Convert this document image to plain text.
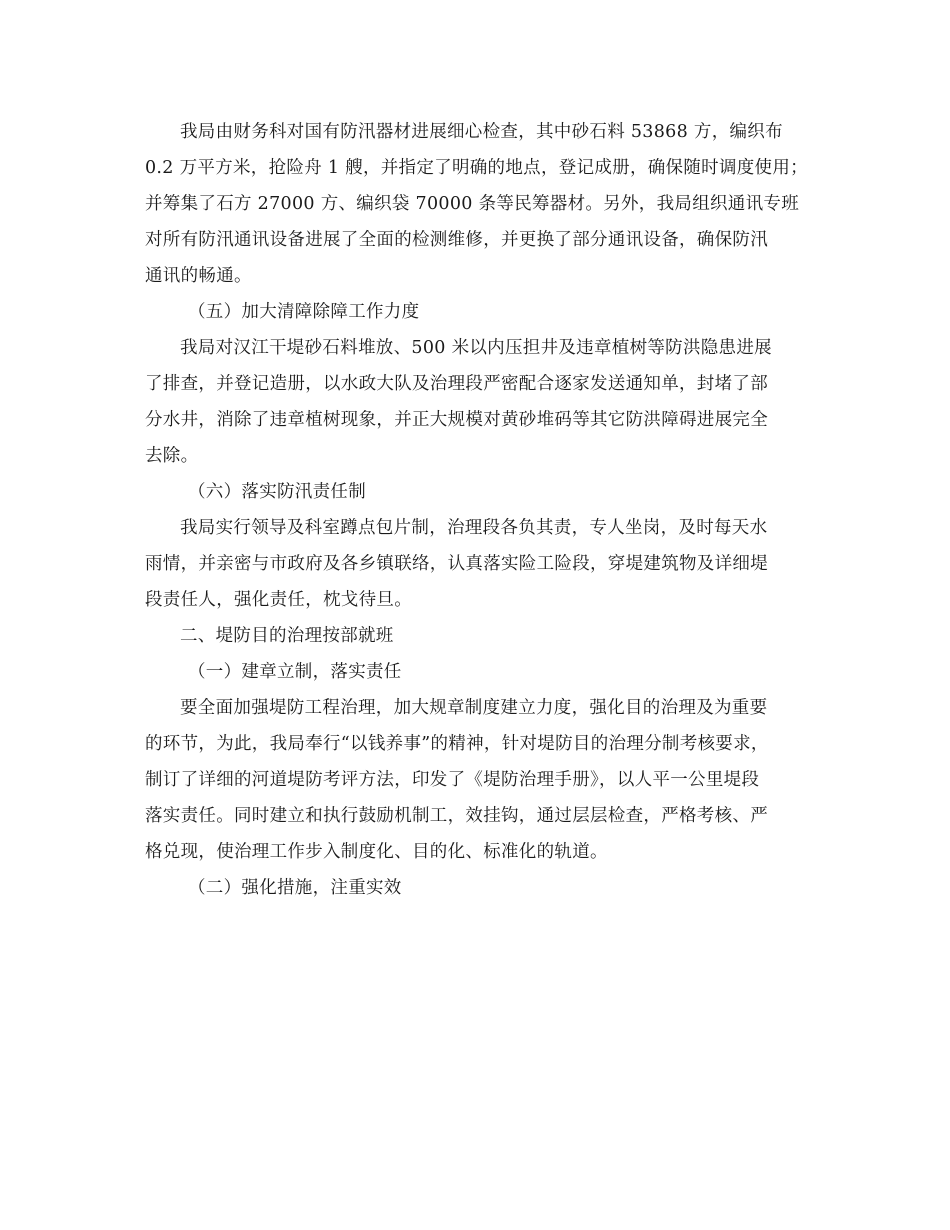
我局由财务科对国有防汛器材进展细心检查，其中砂石料 53868 方，编织布
0.2 万平方米，抢险舟 1 艘，并指定了明确的地点，登记成册，确保随时调度使用；
并筹集了石方 27000 方、编织袋 70000 条等民筹器材。另外，我局组织通讯专班
对所有防汛通讯设备进展了全面的检测维修，并更换了部分通讯设备，确保防汛
通讯的畅通。
（五）加大清障除障工作力度
我局对汉江干堤砂石料堆放、500 米以内压担井及违章植树等防洪隐患进展
了排查，并登记造册，以水政大队及治理段严密配合逐家发送通知单，封堵了部
分水井，消除了违章植树现象，并正大规模对黄砂堆码等其它防洪障碍进展完全
去除。
（六）落实防汛责任制
我局实行领导及科室蹲点包片制，治理段各负其责，专人坐岗，及时每天水
雨情，并亲密与市政府及各乡镇联络，认真落实险工险段，穿堤建筑物及详细堤
段责任人，强化责任，枕戈待旦。
二、堤防目的治理按部就班
（一）建章立制，落实责任
要全面加强堤防工程治理，加大规章制度建立力度，强化目的治理及为重要
的环节，为此，我局奉行“以钱养事”的精神，针对堤防目的治理分制考核要求，
制订了详细的河道堤防考评方法，印发了《堤防治理手册》，以人平一公里堤段
落实责任。同时建立和执行鼓励机制工，效挂钩，通过层层检查，严格考核、严
格兑现，使治理工作步入制度化、目的化、标准化的轨道。
（二）强化措施，注重实效
